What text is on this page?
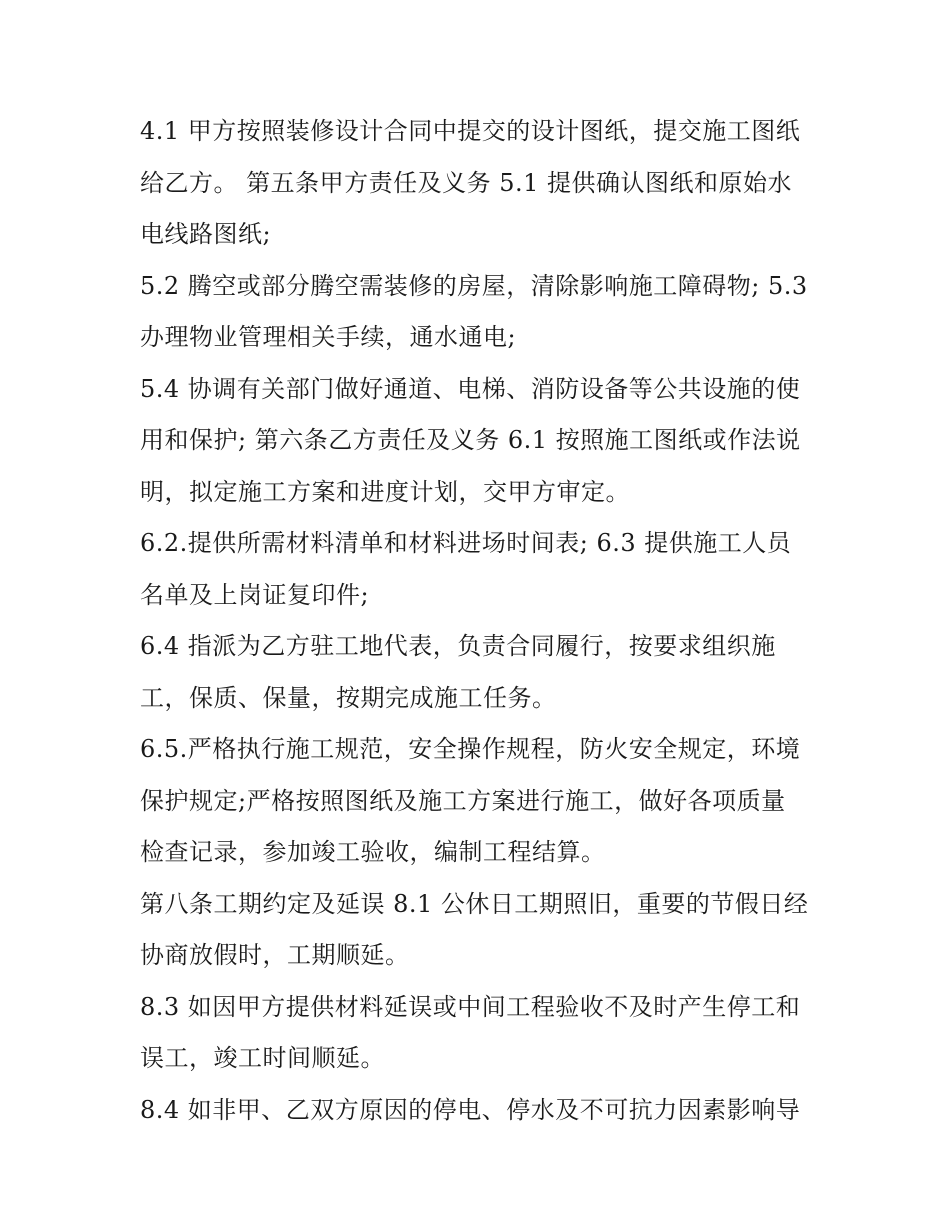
4.1 甲方按照装修设计合同中提交的设计图纸，提交施工图纸给乙方。 第五条甲方责任及义务 5.1 提供确认图纸和原始水电线路图纸;

5.2 腾空或部分腾空需装修的房屋，清除影响施工障碍物; 5.3 办理物业管理相关手续，通水通电;

5.4 协调有关部门做好通道、电梯、消防设备等公共设施的使用和保护; 第六条乙方责任及义务 6.1 按照施工图纸或作法说明，拟定施工方案和进度计划，交甲方审定。

6.2.提供所需材料清单和材料进场时间表; 6.3 提供施工人员名单及上岗证复印件;

6.4 指派为乙方驻工地代表，负责合同履行，按要求组织施工，保质、保量，按期完成施工任务。

6.5.严格执行施工规范，安全操作规程，防火安全规定，环境保护规定;严格按照图纸及施工方案进行施工，做好各项质量检查记录，参加竣工验收，编制工程结算。

第八条工期约定及延误 8.1 公休日工期照旧，重要的节假日经协商放假时，工期顺延。

8.3 如因甲方提供材料延误或中间工程验收不及时产生停工和误工，竣工时间顺延。

8.4 如非甲、乙双方原因的停电、停水及不可抗力因素影响导
